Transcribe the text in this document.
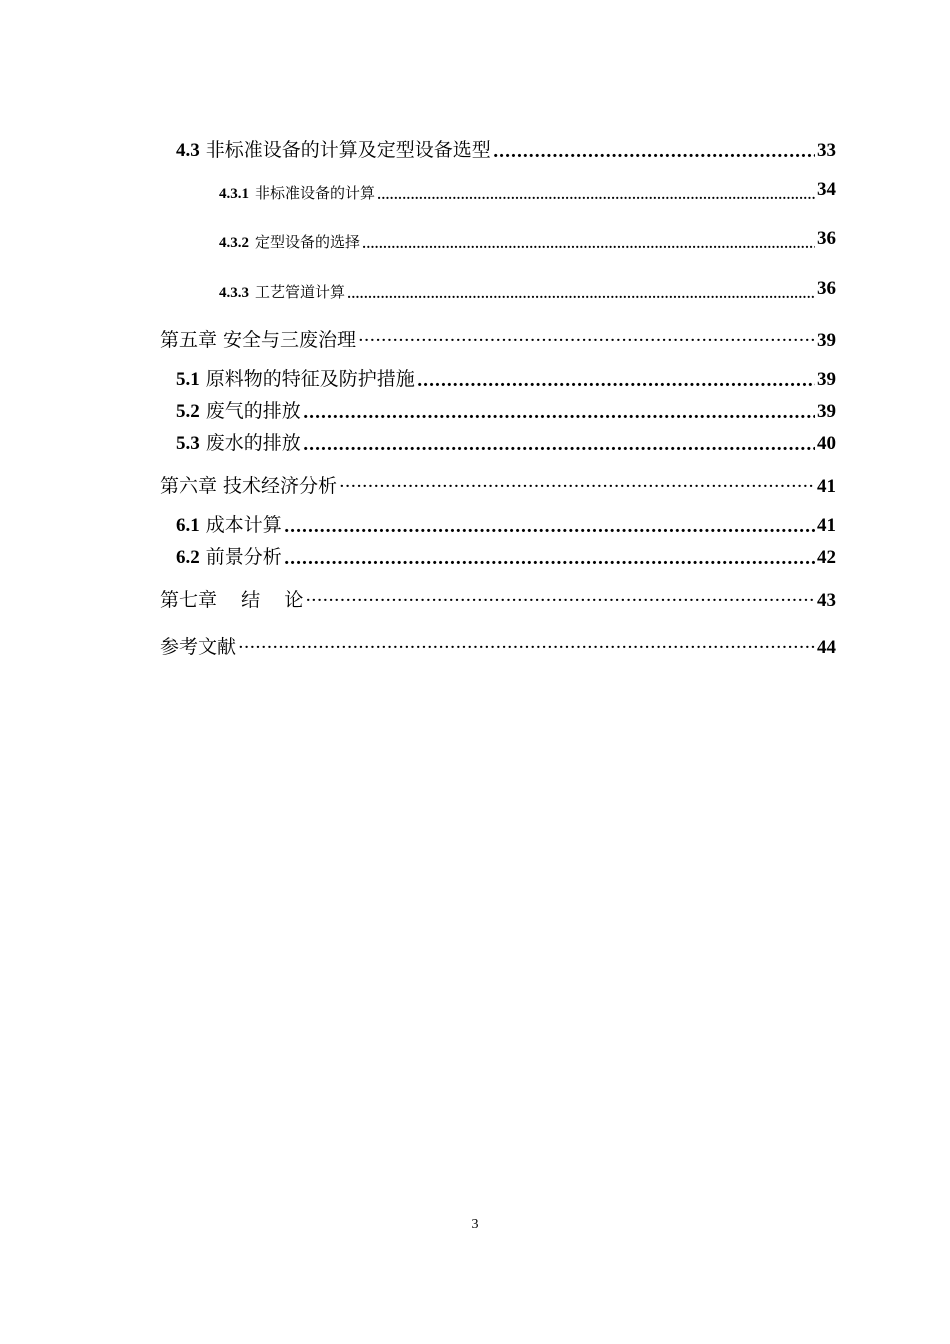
4.3 非标准设备的计算及定型设备选型 .....	33
4.3.1 非标准设备的计算 .....	34
4.3.2 定型设备的选择 .....	36
4.3.3 工艺管道计算 .....	36
第五章 安全与三废治理 ·····	39
5.1 原料物的特征及防护措施 .....	39
5.2 废气的排放 .....	39
5.3 废水的排放 .....	40
第六章 技术经济分析 ·····	41
6.1 成本计算 .....	41
6.2 前景分析 .....	42
第七章    结    论 ·····	43
参考文献 ·····	44
3
